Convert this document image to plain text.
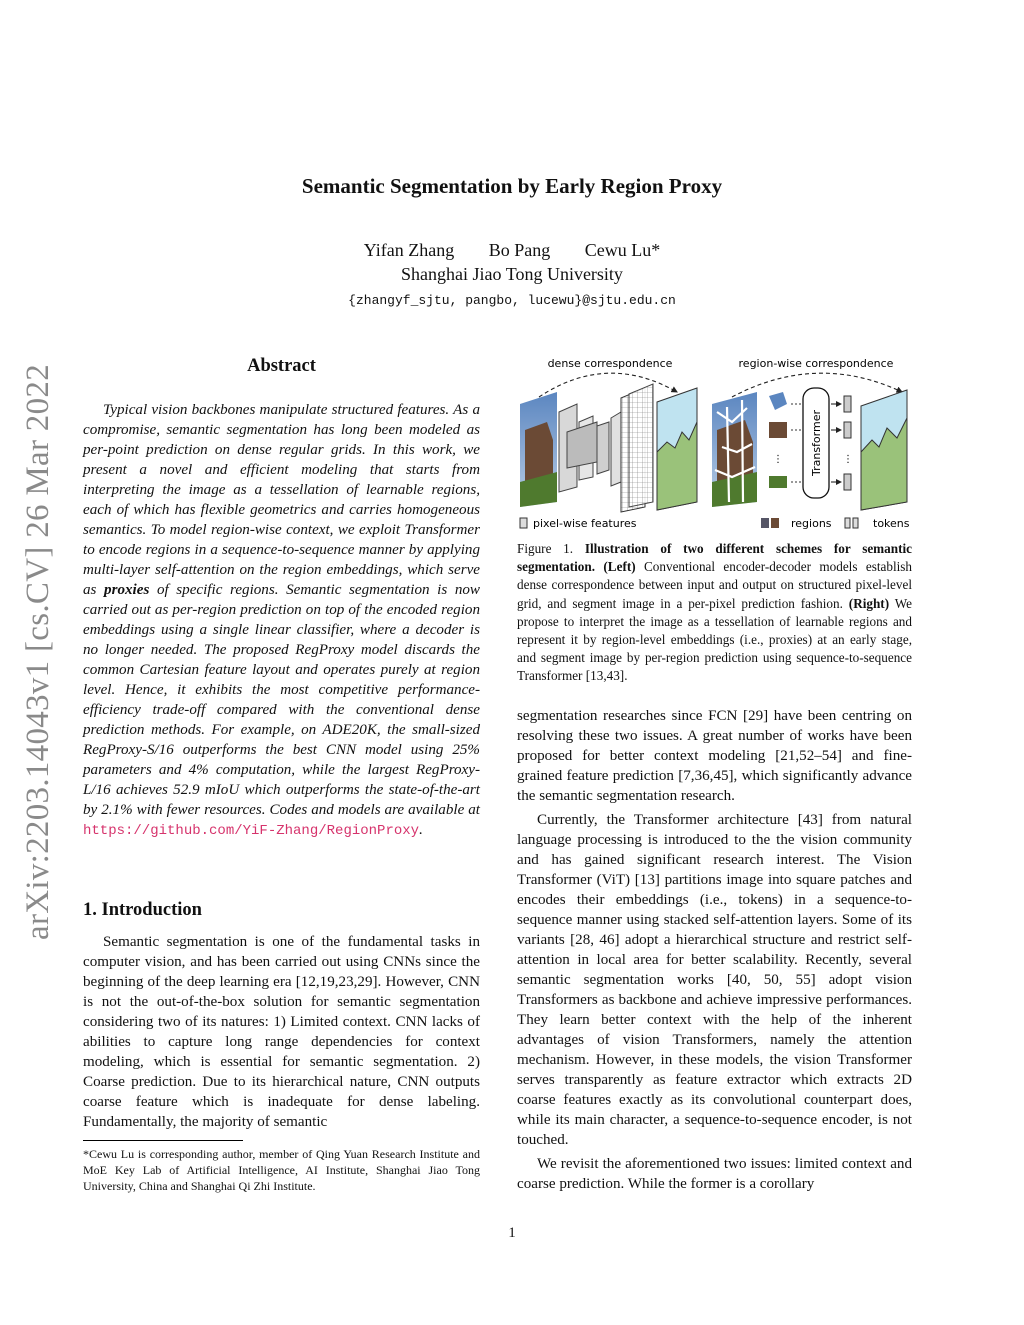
Semantic Segmentation by Early Region Proxy
Yifan Zhang Bo Pang Cewu Lu*
Shanghai Jiao Tong University
{zhangyf_sjtu, pangbo, lucewu}@sjtu.edu.cn
arXiv:2203.14043v1 [cs.CV] 26 Mar 2022	Abstract

Typical vision backbones manipulate structured features. As a compromise, semantic segmentation has long been modeled as per-point prediction on dense regular grids. In this work, we present a novel and efficient modeling that starts from interpreting the image as a tessellation of learnable regions, each of which has flexible geometrics and carries homogeneous semantics. To model region-wise context, we exploit Transformer to encode regions in a sequence-to-sequence manner by applying multi-layer self-attention on the region embeddings, which serve as proxies of specific regions. Semantic segmentation is now carried out as per-region prediction on top of the encoded region embeddings using a single linear classifier, where a decoder is no longer needed. The proposed RegProxy model discards the common Cartesian feature layout and operates purely at region level. Hence, it exhibits the most competitive performance-efficiency trade-off compared with the conventional dense prediction methods. For example, on ADE20K, the small-sized RegProxy-S/16 outperforms the best CNN model using 25% parameters and 4% computation, while the largest RegProxy-L/16 achieves 52.9 mIoU which outperforms the state-of-the-art by 2.1% with fewer resources. Codes and models are available at https://github.com/YiF-Zhang/RegionProxy.

1. Introduction

Semantic segmentation is one of the fundamental tasks in computer vision, and has been carried out using CNNs since the beginning of the deep learning era [12,19,23,29]. However, CNN is not the out-of-the-box solution for semantic segmentation considering two of its natures: 1) Limited context. CNN lacks of abilities to capture long range dependencies for context modeling, which is essential for semantic segmentation. 2) Coarse prediction. Due to its hierarchical nature, CNN outputs coarse feature which is inadequate for dense labeling. Fundamentally, the majority of semantic

*Cewu Lu is corresponding author, member of Qing Yuan Research Institute and MoE Key Lab of Artificial Intelligence, AI Institute, Shanghai Jiao Tong University, China and Shanghai Qi Zhi Institute.
dense correspondence	region-wise correspondence
⋮ Transformer ⋮
pixel-wise features	regions	tokens
Figure 1. Illustration of two different schemes for semantic segmentation. (Left) Conventional encoder-decoder models establish dense correspondence between input and output on structured pixel-level grid, and segment image in a per-pixel prediction fashion. (Right) We propose to interpret the image as a tessellation of learnable regions and represent it by region-level embeddings (i.e., proxies) at an early stage, and segment image by per-region prediction using sequence-to-sequence Transformer [13,43].

segmentation researches since FCN [29] have been centring on resolving these two issues. A great number of works have been proposed for better context modeling [21,52–54] and fine-grained feature prediction [7,36,45], which significantly advance the semantic segmentation research.

Currently, the Transformer architecture [43] from natural language processing is introduced to the the vision community and has gained significant research interest. The Vision Transformer (ViT) [13] partitions image into square patches and encodes their embeddings (i.e., tokens) in a sequence-to-sequence manner using stacked self-attention layers. Some of its variants [28, 46] adopt a hierarchical structure and restrict self-attention in local area for better scalability. Recently, several semantic segmentation works [40, 50, 55] adopt vision Transformers as backbone and achieve impressive performances. They learn better context with the help of the inherent advantages of vision Transformers, namely the attention mechanism. However, in these models, the vision Transformer serves transparently as feature extractor which extracts 2D coarse features exactly as its convolutional counterpart does, while its main character, a sequence-to-sequence encoder, is not touched.

We revisit the aforementioned two issues: limited context and coarse prediction. While the former is a corollary

1
